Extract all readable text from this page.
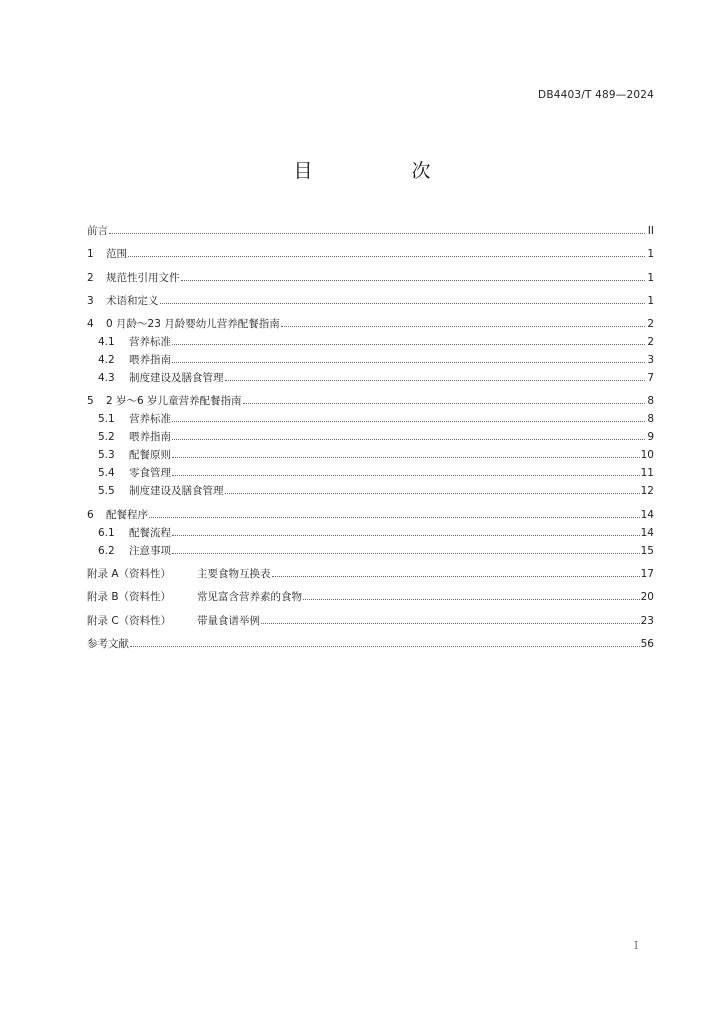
DB4403/T 489—2024
目　次
前言	II
1	范围	1
2	规范性引用文件	1
3	术语和定义	1
4	0 月龄～23 月龄婴幼儿营养配餐指南	2
4.1	营养标准	2
4.2	喂养指南	3
4.3	制度建设及膳食管理	7
5	2 岁～6 岁儿童营养配餐指南	8
5.1	营养标准	8
5.2	喂养指南	9
5.3	配餐原则	10
5.4	零食管理	11
5.5	制度建设及膳食管理	12
6	配餐程序	14
6.1	配餐流程	14
6.2	注意事项	15
附录 A（资料性）	主要食物互换表	17
附录 B（资料性）	常见富含营养素的食物	20
附录 C（资料性）	带量食谱举例	23
参考文献	56
I
